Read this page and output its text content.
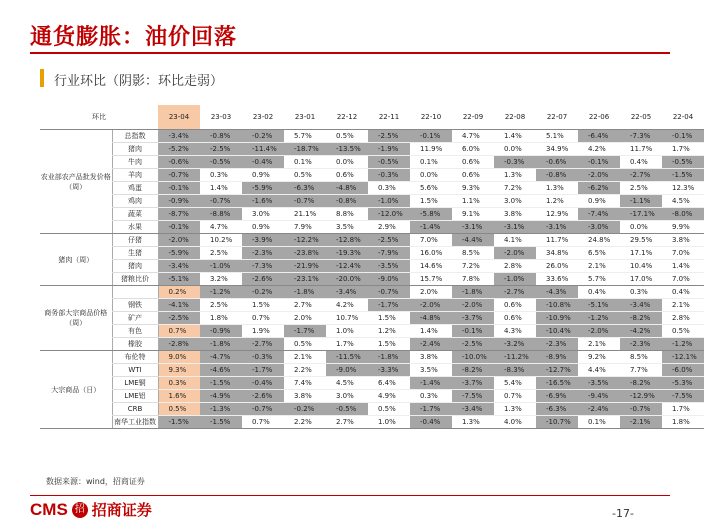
通货膨胀：油价回落
行业环比（阴影：环比走弱）
环比		23-04	23-03	23-02	23-01	22-12	22-11	22-10	22-09	22-08	22-07	22-06	22-05	22-04
农业部农产品批发价格（周）	总指数	-3.4%	-0.8%	-0.2%	5.7%	0.5%	-2.5%	-0.1%	4.7%	1.4%	5.1%	-6.4%	-7.3%	-0.1%
	猪肉	-5.2%	-2.5%	-11.4%	-18.7%	-13.5%	-1.9%	11.9%	6.0%	0.0%	34.9%	4.2%	11.7%	1.7%
	牛肉	-0.6%	-0.5%	-0.4%	0.1%	0.0%	-0.5%	0.1%	0.6%	-0.3%	-0.6%	-0.1%	0.4%	-0.5%
	羊肉	-0.7%	0.3%	0.9%	0.5%	0.6%	-0.3%	0.0%	0.6%	1.3%	-0.8%	-2.0%	-2.7%	-1.5%
	鸡蛋	-0.1%	1.4%	-5.9%	-6.3%	-4.8%	0.3%	5.6%	9.3%	7.2%	1.3%	-6.2%	2.5%	12.3%
	鸡肉	-0.9%	-0.7%	-1.6%	-0.7%	-0.8%	-1.0%	1.5%	1.1%	3.0%	1.2%	0.9%	-1.1%	4.5%
	蔬菜	-8.7%	-8.8%	3.0%	21.1%	8.8%	-12.0%	-5.8%	9.1%	3.8%	12.9%	-7.4%	-17.1%	-8.0%
	水果	-0.1%	4.7%	0.9%	7.9%	3.5%	2.9%	-1.4%	-3.1%	-3.1%	-3.1%	-3.0%	0.0%	9.9%
猪肉（周）	仔猪	-2.0%	10.2%	-3.9%	-12.2%	-12.8%	-2.5%	7.0%	-4.4%	4.1%	11.7%	24.8%	29.5%	3.8%
	生猪	-5.9%	2.5%	-2.3%	-23.8%	-19.3%	-7.9%	16.0%	8.5%	-2.0%	34.8%	6.5%	17.1%	7.0%
	猪肉	-3.4%	-1.0%	-7.3%	-21.9%	-12.4%	-3.5%	14.6%	7.2%	2.8%	26.0%	2.1%	10.4%	1.4%
	猪粮比价	-5.1%	3.2%	-2.6%	-23.1%	-20.0%	-9.0%	15.7%	7.8%	-1.0%	33.6%	5.7%	17.0%	7.0%
商务部大宗商品价格（周）		0.2%	-1.2%	-0.2%	-1.8%	-3.4%	-0.7%	2.0%	-1.8%	-2.7%	-4.3%	0.4%	0.3%	0.4%
	钢铁	-4.1%	2.5%	1.5%	2.7%	4.2%	-1.7%	-2.0%	-2.0%	0.6%	-10.8%	-5.1%	-3.4%	2.1%
	矿产	-2.5%	1.8%	0.7%	2.0%	10.7%	1.5%	-4.8%	-3.7%	0.6%	-10.9%	-1.2%	-8.2%	2.8%
	有色	0.7%	-0.9%	1.9%	-1.7%	1.0%	1.2%	1.4%	-0.1%	4.3%	-10.4%	-2.0%	-4.2%	0.5%
	橡胶	-2.8%	-1.8%	-2.7%	0.5%	1.7%	1.5%	-2.4%	-2.5%	-3.2%	-2.3%	2.1%	-2.3%	-1.2%
大宗商品（日）	布伦特	9.0%	-4.7%	-0.3%	2.1%	-11.5%	-1.8%	3.8%	-10.0%	-11.2%	-8.9%	9.2%	8.5%	-12.1%
	WTI	9.3%	-4.6%	-1.7%	2.2%	-9.0%	-3.3%	3.5%	-8.2%	-8.3%	-12.7%	4.4%	7.7%	-6.0%
	LME铜	0.3%	-1.5%	-0.4%	7.4%	4.5%	6.4%	-1.4%	-3.7%	5.4%	-16.5%	-3.5%	-8.2%	-5.3%
	LME铝	1.6%	-4.9%	-2.6%	3.8%	3.0%	4.9%	0.3%	-7.5%	0.7%	-6.9%	-9.4%	-12.9%	-7.5%
	CRB	0.5%	-1.3%	-0.7%	-0.2%	-0.5%	0.5%	-1.7%	-3.4%	1.3%	-6.3%	-2.4%	-0.7%	1.7%
	南华工业指数	-1.5%	-1.5%	0.7%	2.2%	2.7%	1.0%	-0.4%	1.3%	4.0%	-10.7%	0.1%	-2.1%	1.8%
数据来源：wind，招商证券
CMS 招 招商证券	-17-
